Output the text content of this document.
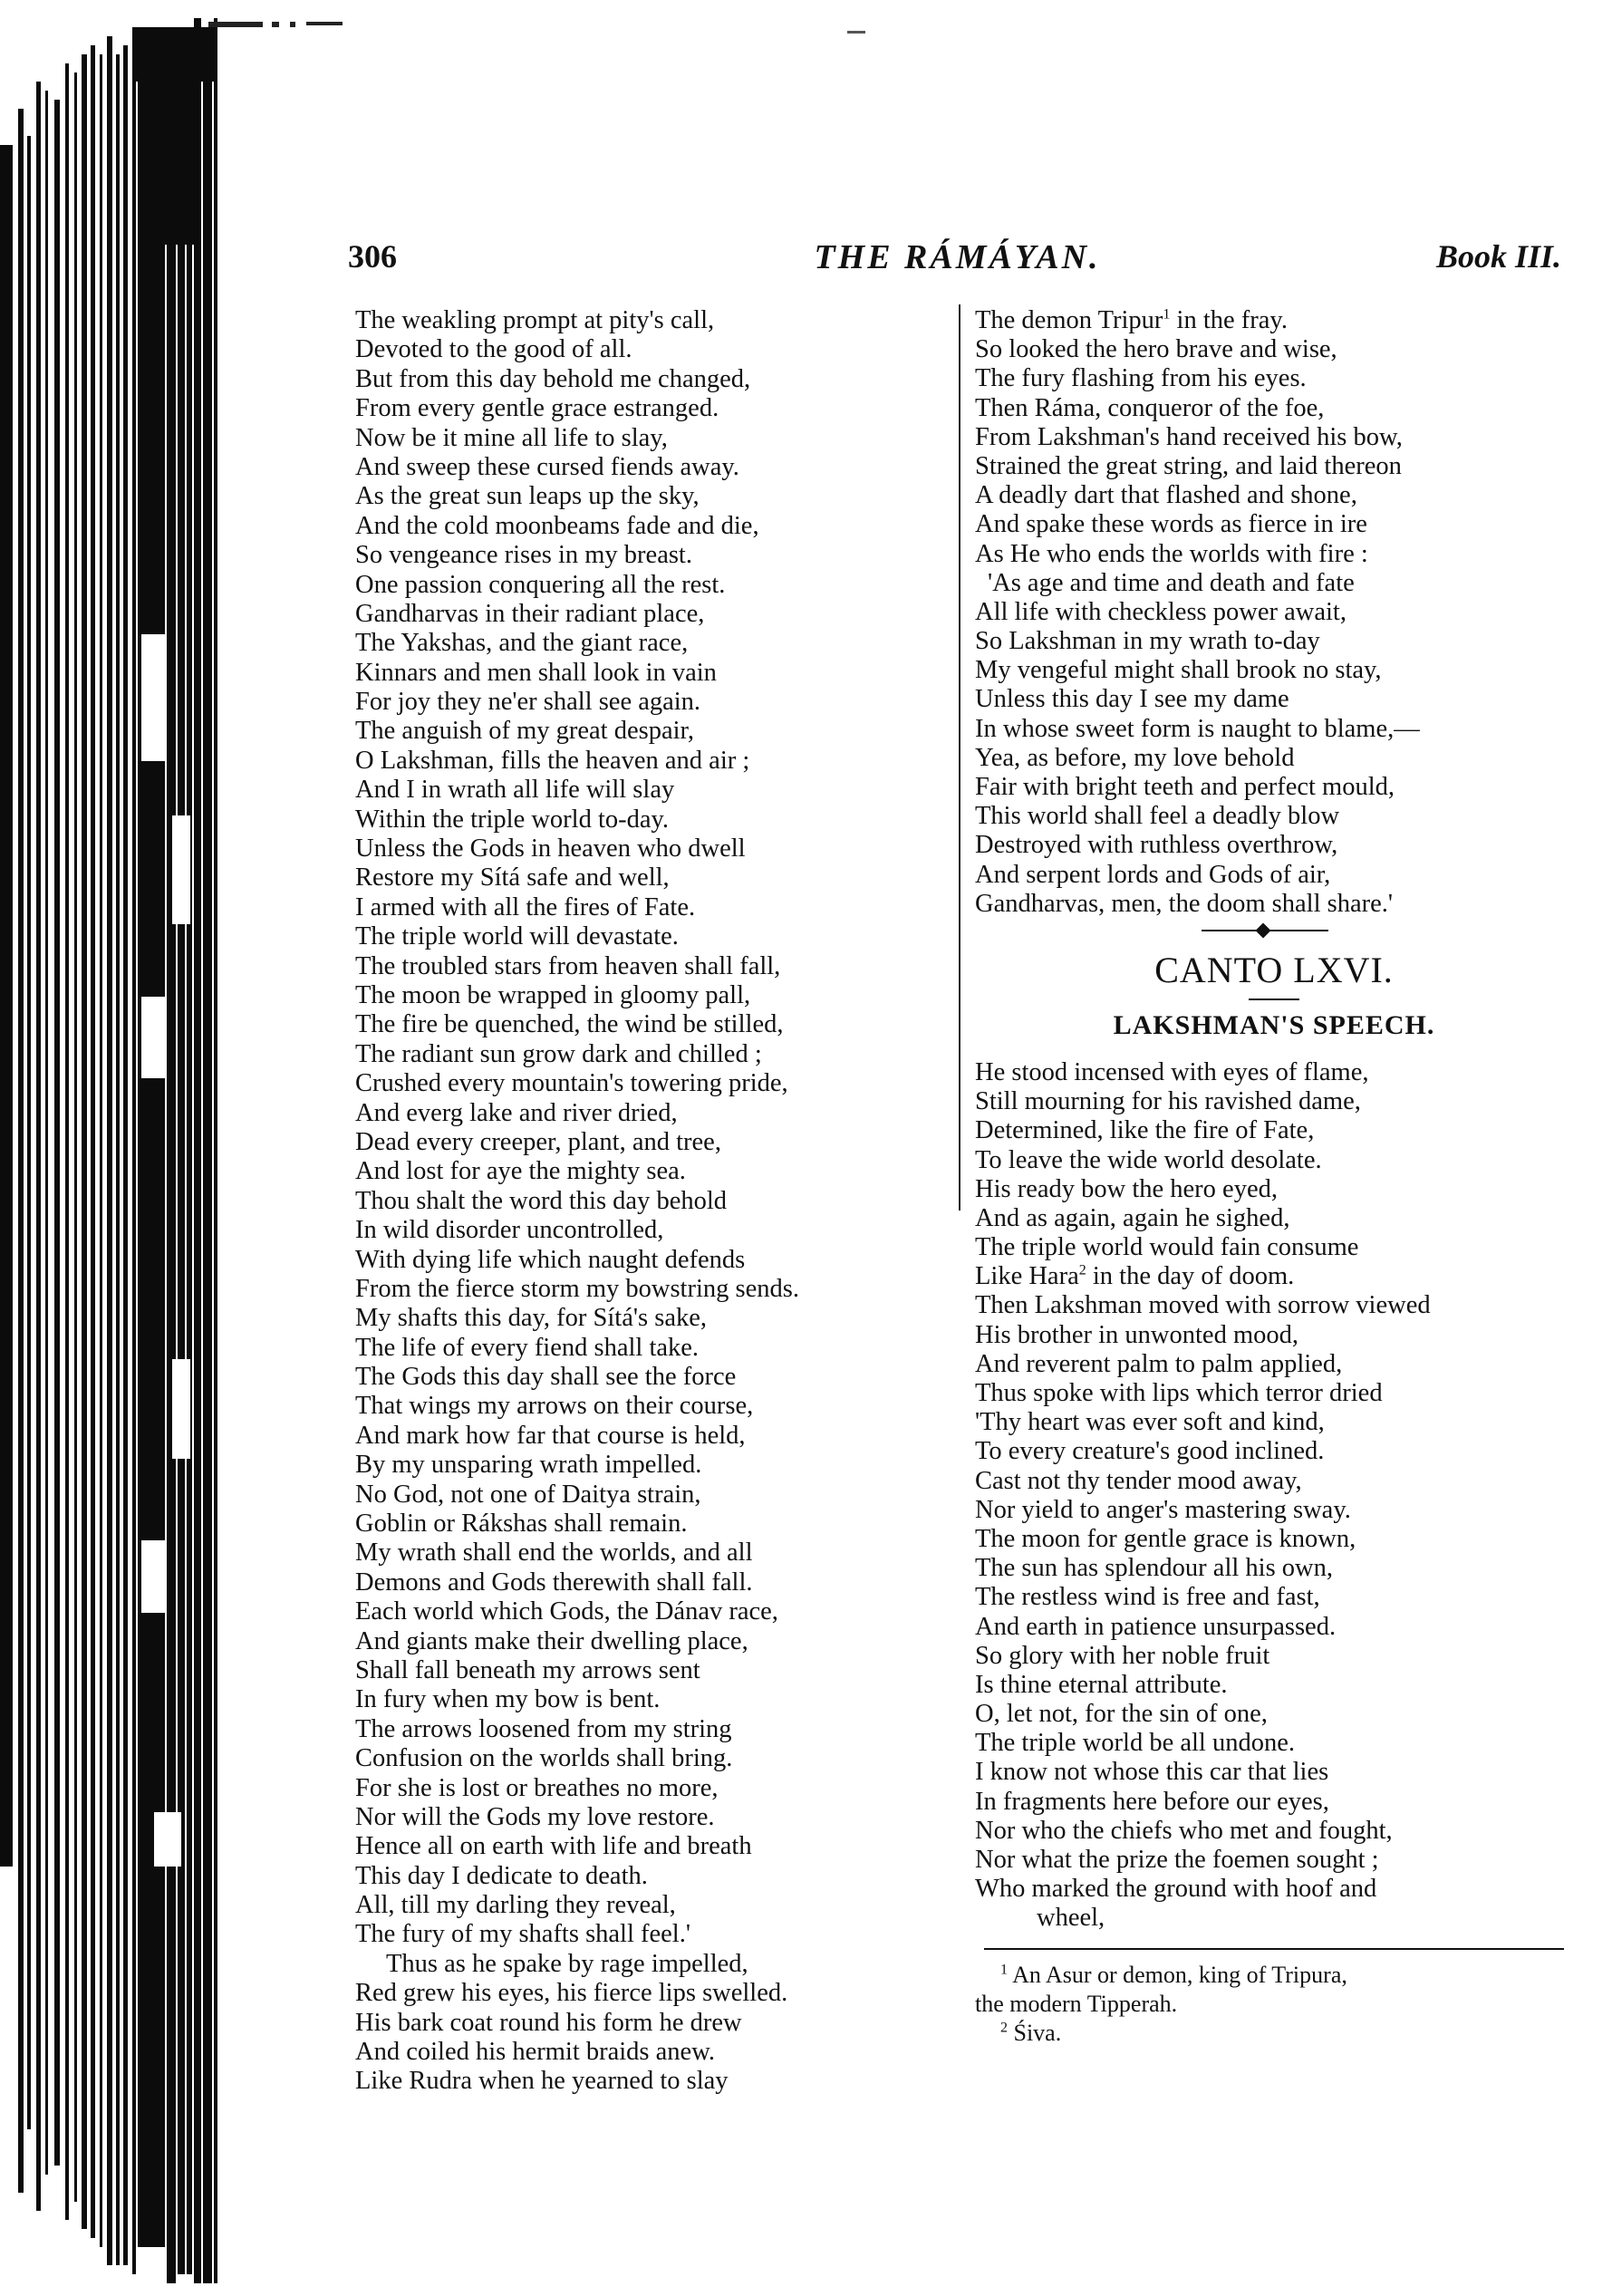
306	THE RÁMÁYAN.	Book III.
The weakling prompt at pity's call,
Devoted to the good of all.
But from this day behold me changed,
From every gentle grace estranged.
Now be it mine all life to slay,
And sweep these cursed fiends away.
As the great sun leaps up the sky,
And the cold moonbeams fade and die,
So vengeance rises in my breast.
One passion conquering all the rest.
Gandharvas in their radiant place,
The Yakshas, and the giant race,
Kinnars and men shall look in vain
For joy they ne'er shall see again.
The anguish of my great despair,
O Lakshman, fills the heaven and air ;
And I in wrath all life will slay
Within the triple world to-day.
Unless the Gods in heaven who dwell
Restore my Sítá safe and well,
I armed with all the fires of Fate.
The triple world will devastate.
The troubled stars from heaven shall fall,
The moon be wrapped in gloomy pall,
The fire be quenched, the wind be stilled,
The radiant sun grow dark and chilled ;
Crushed every mountain's towering pride,
And everg lake and river dried,
Dead every creeper, plant, and tree,
And lost for aye the mighty sea.
Thou shalt the word this day behold
In wild disorder uncontrolled,
With dying life which naught defends
From the fierce storm my bowstring sends.
My shafts this day, for Sítá's sake,
The life of every fiend shall take.
The Gods this day shall see the force
That wings my arrows on their course,
And mark how far that course is held,
By my unsparing wrath impelled.
No God, not one of Daitya strain,
Goblin or Rákshas shall remain.
My wrath shall end the worlds, and all
Demons and Gods therewith shall fall.
Each world which Gods, the Dánav race,
And giants make their dwelling place,
Shall fall beneath my arrows sent
In fury when my bow is bent.
The arrows loosened from my string
Confusion on the worlds shall bring.
For she is lost or breathes no more,
Nor will the Gods my love restore.
Hence all on earth with life and breath
This day I dedicate to death.
All, till my darling they reveal,
The fury of my shafts shall feel.'
Thus as he spake by rage impelled,
Red grew his eyes, his fierce lips swelled.
His bark coat round his form he drew
And coiled his hermit braids anew.
Like Rudra when he yearned to slay
The demon Tripur$^1$ in the fray.
So looked the hero brave and wise,
The fury flashing from his eyes.
Then Ráma, conqueror of the foe,
From Lakshman's hand received his bow,
Strained the great string, and laid thereon
A deadly dart that flashed and shone,
And spake these words as fierce in ire
As He who ends the worlds with fire :
'As age and time and death and fate
All life with checkless power await,
So Lakshman in my wrath to-day
My vengeful might shall brook no stay,
Unless this day I see my dame
In whose sweet form is naught to blame,—
Yea, as before, my love behold
Fair with bright teeth and perfect mould,
This world shall feel a deadly blow
Destroyed with ruthless overthrow,
And serpent lords and Gods of air,
Gandharvas, men, the doom shall share.'
CANTO LXVI.
LAKSHMAN'S SPEECH.
He stood incensed with eyes of flame,
Still mourning for his ravished dame,
Determined, like the fire of Fate,
To leave the wide world desolate.
His ready bow the hero eyed,
And as again, again he sighed,
The triple world would fain consume
Like Hara$^2$ in the day of doom.
Then Lakshman moved with sorrow viewed
His brother in unwonted mood,
And reverent palm to palm applied,
Thus spoke with lips which terror dried
'Thy heart was ever soft and kind,
To every creature's good inclined.
Cast not thy tender mood away,
Nor yield to anger's mastering sway.
The moon for gentle grace is known,
The sun has splendour all his own,
The restless wind is free and fast,
And earth in patience unsurpassed.
So glory with her noble fruit
Is thine eternal attribute.
O, let not, for the sin of one,
The triple world be all undone.
I know not whose this car that lies
In fragments here before our eyes,
Nor who the chiefs who met and fought,
Nor what the prize the foemen sought ;
Who marked the ground with hoof and
wheel,
$^1$ An Asur or demon, king of Tripura,
the modern Tipperah.
$^2$ Śiva.
